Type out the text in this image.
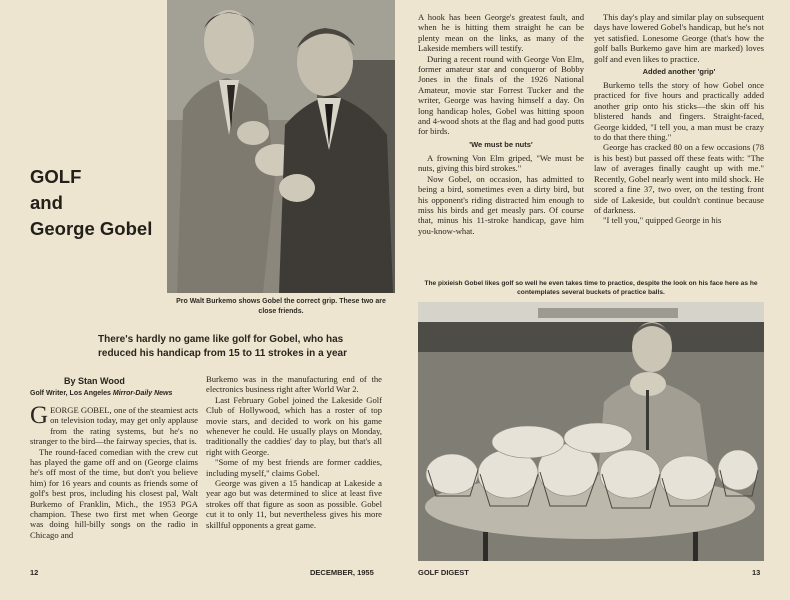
GOLF
and
George Gobel
Pro Walt Burkemo shows Gobel the correct grip. These two are close friends.
There's hardly no game like golf for Gobel, who has reduced his handicap from 15 to 11 strokes in a year
By Stan Wood
Golf Writer, Los Angeles Mirror-Daily News

GEORGE GOBEL, one of the steamiest acts on television today, may get only applause from the rating systems, but he's no stranger to the bird—the fairway species, that is.

The round-faced comedian with the crew cut has played the game off and on (George claims he's off most of the time, but don't you believe him) for 16 years and counts as friends some of golf's best pros, including his closest pal, Walt Burkemo of Franklin, Mich., the 1953 PGA champion. These two first met when George was doing hill-billy songs on the radio in Chicago and

Burkemo was in the manufacturing end of the electronics business right after World War 2.

Last February Gobel joined the Lakeside Golf Club of Hollywood, which has a roster of top movie stars, and decided to work on his game whenever he could. He usually plays on Monday, traditionally the caddies' day to play, but that's all right with George.

"Some of my best friends are former caddies, including myself," claims Gobel.

George was given a 15 handicap at Lakeside a year ago but was determined to slice at least five strokes off that figure as soon as possible. Gobel cut it to only 11, but nevertheless gives his more skillful opponents a great game.

A hook has been George's greatest fault, and when he is hitting them straight he can be plenty mean on the links, as many of the Lakeside members will testify.

During a recent round with George Von Elm, former amateur star and conqueror of Bobby Jones in the finals of the 1926 National Amateur, movie star Forrest Tucker and the writer, George was having himself a day. On long handicap holes, Gobel was hitting spoon and 4-wood shots at the flag and had good putts for birds.

'We must be nuts'

A frowning Von Elm griped, "We must be nuts, giving this bird strokes."

Now Gobel, on occasion, has admitted to being a bird, sometimes even a dirty bird, but his opponent's riding distracted him enough to miss his birds and get measly pars. Of course that, minus his 11-stroke handicap, gave him you-know-what.

This day's play and similar play on subsequent days have lowered Gobel's handicap, but he's not yet satisfied. Lonesome George (that's how the golf balls Burkemo gave him are marked) loves golf and even likes to practice.

Added another 'grip'

Burkemo tells the story of how Gobel once practiced for five hours and practically added another grip onto his sticks—the skin off his blistered hands and fingers. Straight-faced, George kidded, "I tell you, a man must be crazy to do that there thing."

George has cracked 80 on a few occasions (78 is his best) but passed off these feats with: "The law of averages finally caught up with me." Recently, Gobel nearly went into mild shock. He scored a fine 37, two over, on the testing front side of Lakeside, but couldn't continue because of darkness.

"I tell you," quipped George in his

The pixieish Gobel likes golf so well he even takes time to practice, despite the look on his face here as he contemplates several buckets of practice balls.
12	DECEMBER, 1955	GOLF DIGEST	13
